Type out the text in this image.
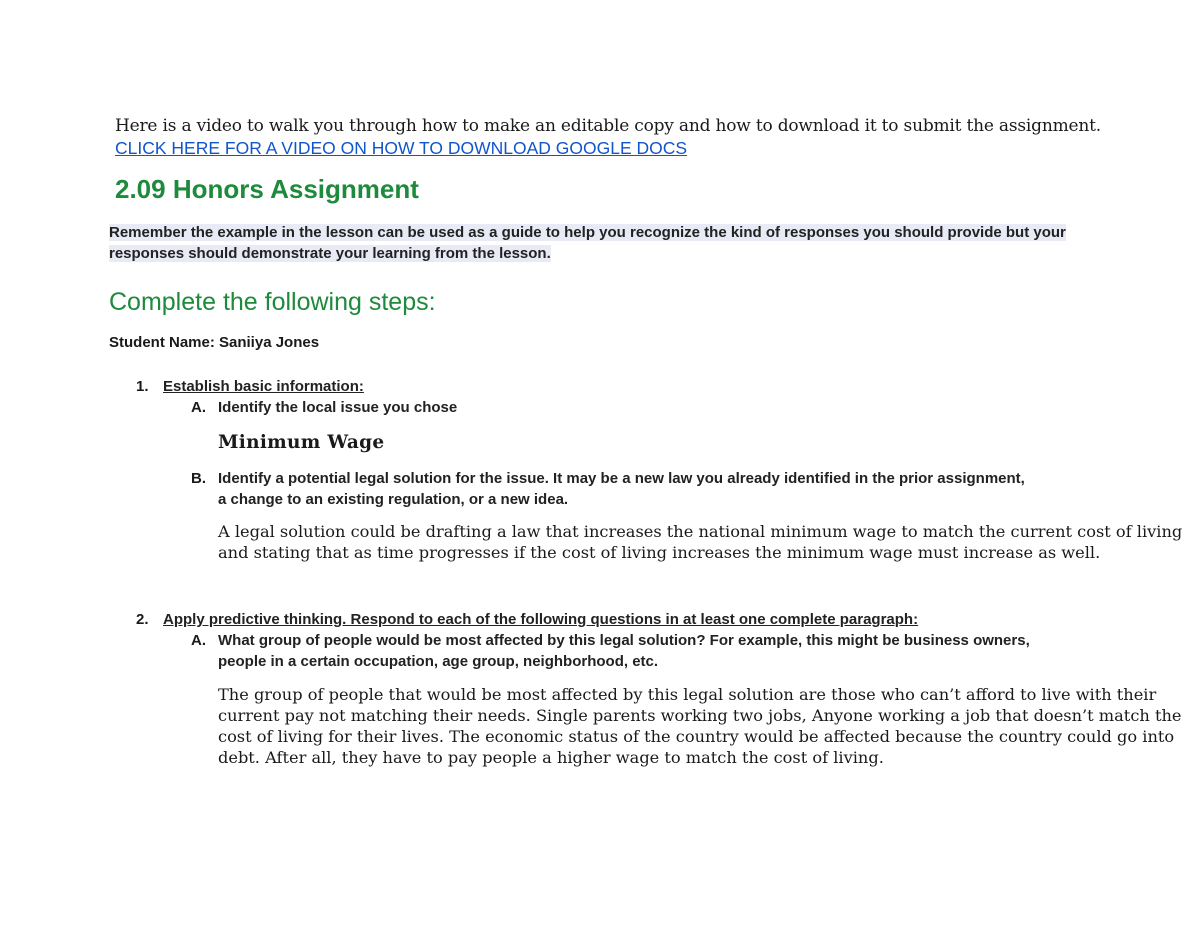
Here is a video to walk you through how to make an editable copy and how to download it to submit the assignment.
CLICK HERE FOR A VIDEO ON HOW TO DOWNLOAD GOOGLE DOCS
2.09 Honors Assignment
Remember the example in the lesson can be used as a guide to help you recognize the kind of responses you should provide but your
responses should demonstrate your learning from the lesson.
Complete the following steps:
Student Name: Saniiya Jones
1. Establish basic information:
A. Identify the local issue you chose
Minimum Wage
B. Identify a potential legal solution for the issue. It may be a new law you already identified in the prior assignment,
a change to an existing regulation, or a new idea.
A legal solution could be drafting a law that increases the national minimum wage to match the current cost of living
and stating that as time progresses if the cost of living increases the minimum wage must increase as well.
2. Apply predictive thinking. Respond to each of the following questions in at least one complete paragraph:
A. What group of people would be most affected by this legal solution? For example, this might be business owners,
people in a certain occupation, age group, neighborhood, etc.
The group of people that would be most affected by this legal solution are those who can’t afford to live with their
current pay not matching their needs. Single parents working two jobs, Anyone working a job that doesn’t match the
cost of living for their lives. The economic status of the country would be affected because the country could go into
debt. After all, they have to pay people a higher wage to match the cost of living.
